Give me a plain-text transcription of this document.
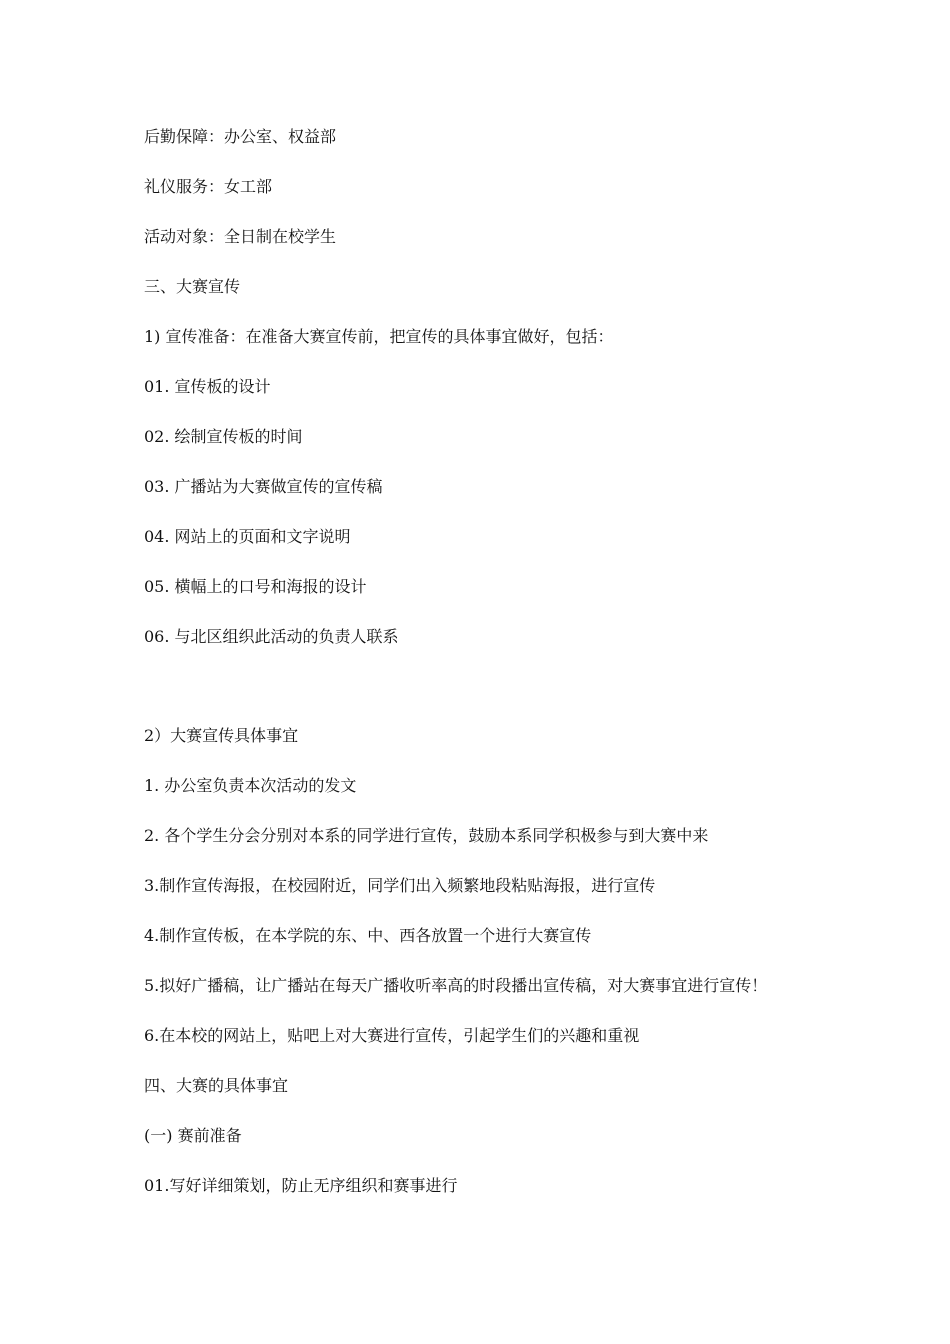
后勤保障：办公室、权益部
礼仪服务：女工部
活动对象：全日制在校学生
三、大赛宣传
1) 宣传准备：在准备大赛宣传前，把宣传的具体事宜做好，包括：
01. 宣传板的设计
02. 绘制宣传板的时间
03. 广播站为大赛做宣传的宣传稿
04. 网站上的页面和文字说明
05. 横幅上的口号和海报的设计
06. 与北区组织此活动的负责人联系
2）大赛宣传具体事宜
1. 办公室负责本次活动的发文
2. 各个学生分会分别对本系的同学进行宣传，鼓励本系同学积极参与到大赛中来
3.制作宣传海报，在校园附近，同学们出入频繁地段粘贴海报，进行宣传
4.制作宣传板，在本学院的东、中、西各放置一个进行大赛宣传
5.拟好广播稿，让广播站在每天广播收听率高的时段播出宣传稿，对大赛事宜进行宣传！
6.在本校的网站上，贴吧上对大赛进行宣传，引起学生们的兴趣和重视
四、大赛的具体事宜
(一) 赛前准备
01.写好详细策划，防止无序组织和赛事进行
